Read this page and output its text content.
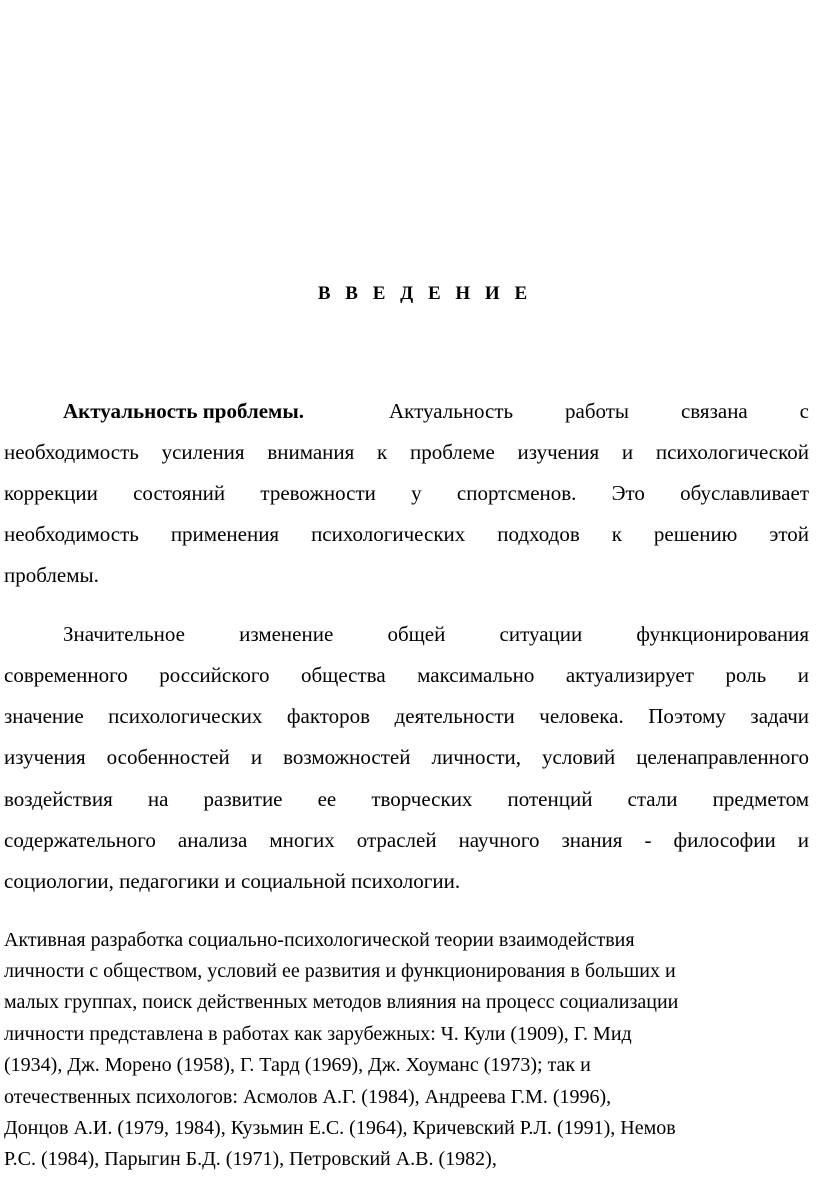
В В Е Д Е Н И Е
Актуальность проблемы.	Актуальность работы связана с
необходимость усиления внимания к проблеме изучения и психологической
коррекции состояний тревожности у спортсменов. Это обуславливает
необходимость применения психологических подходов к решению этой
проблемы.
Значительное изменение общей ситуации функционирования
современного российского общества максимально актуализирует роль и
значение психологических факторов деятельности человека. Поэтому задачи
изучения особенностей и возможностей личности, условий целенаправленного
воздействия на развитие ее творческих потенций стали предметом
содержательного анализа многих отраслей научного знания - философии и
социологии, педагогики и социальной психологии.
Активная разработка социально-психологической теории взаимодействия
личности с обществом, условий ее развития и функционирования в больших и
малых группах, поиск действенных методов влияния на процесс социализации
личности представлена в работах как зарубежных: Ч. Кули (1909), Г. Мид
(1934), Дж. Морено (1958), Г. Тард (1969), Дж. Хоуманс (1973); так и
отечественных психологов: Асмолов А.Г. (1984), Андреева Г.М. (1996),
Донцов А.И. (1979, 1984), Кузьмин Е.С. (1964), Кричевский Р.Л. (1991), Немов
Р.С. (1984), Парыгин Б.Д. (1971), Петровский А.В. (1982),
